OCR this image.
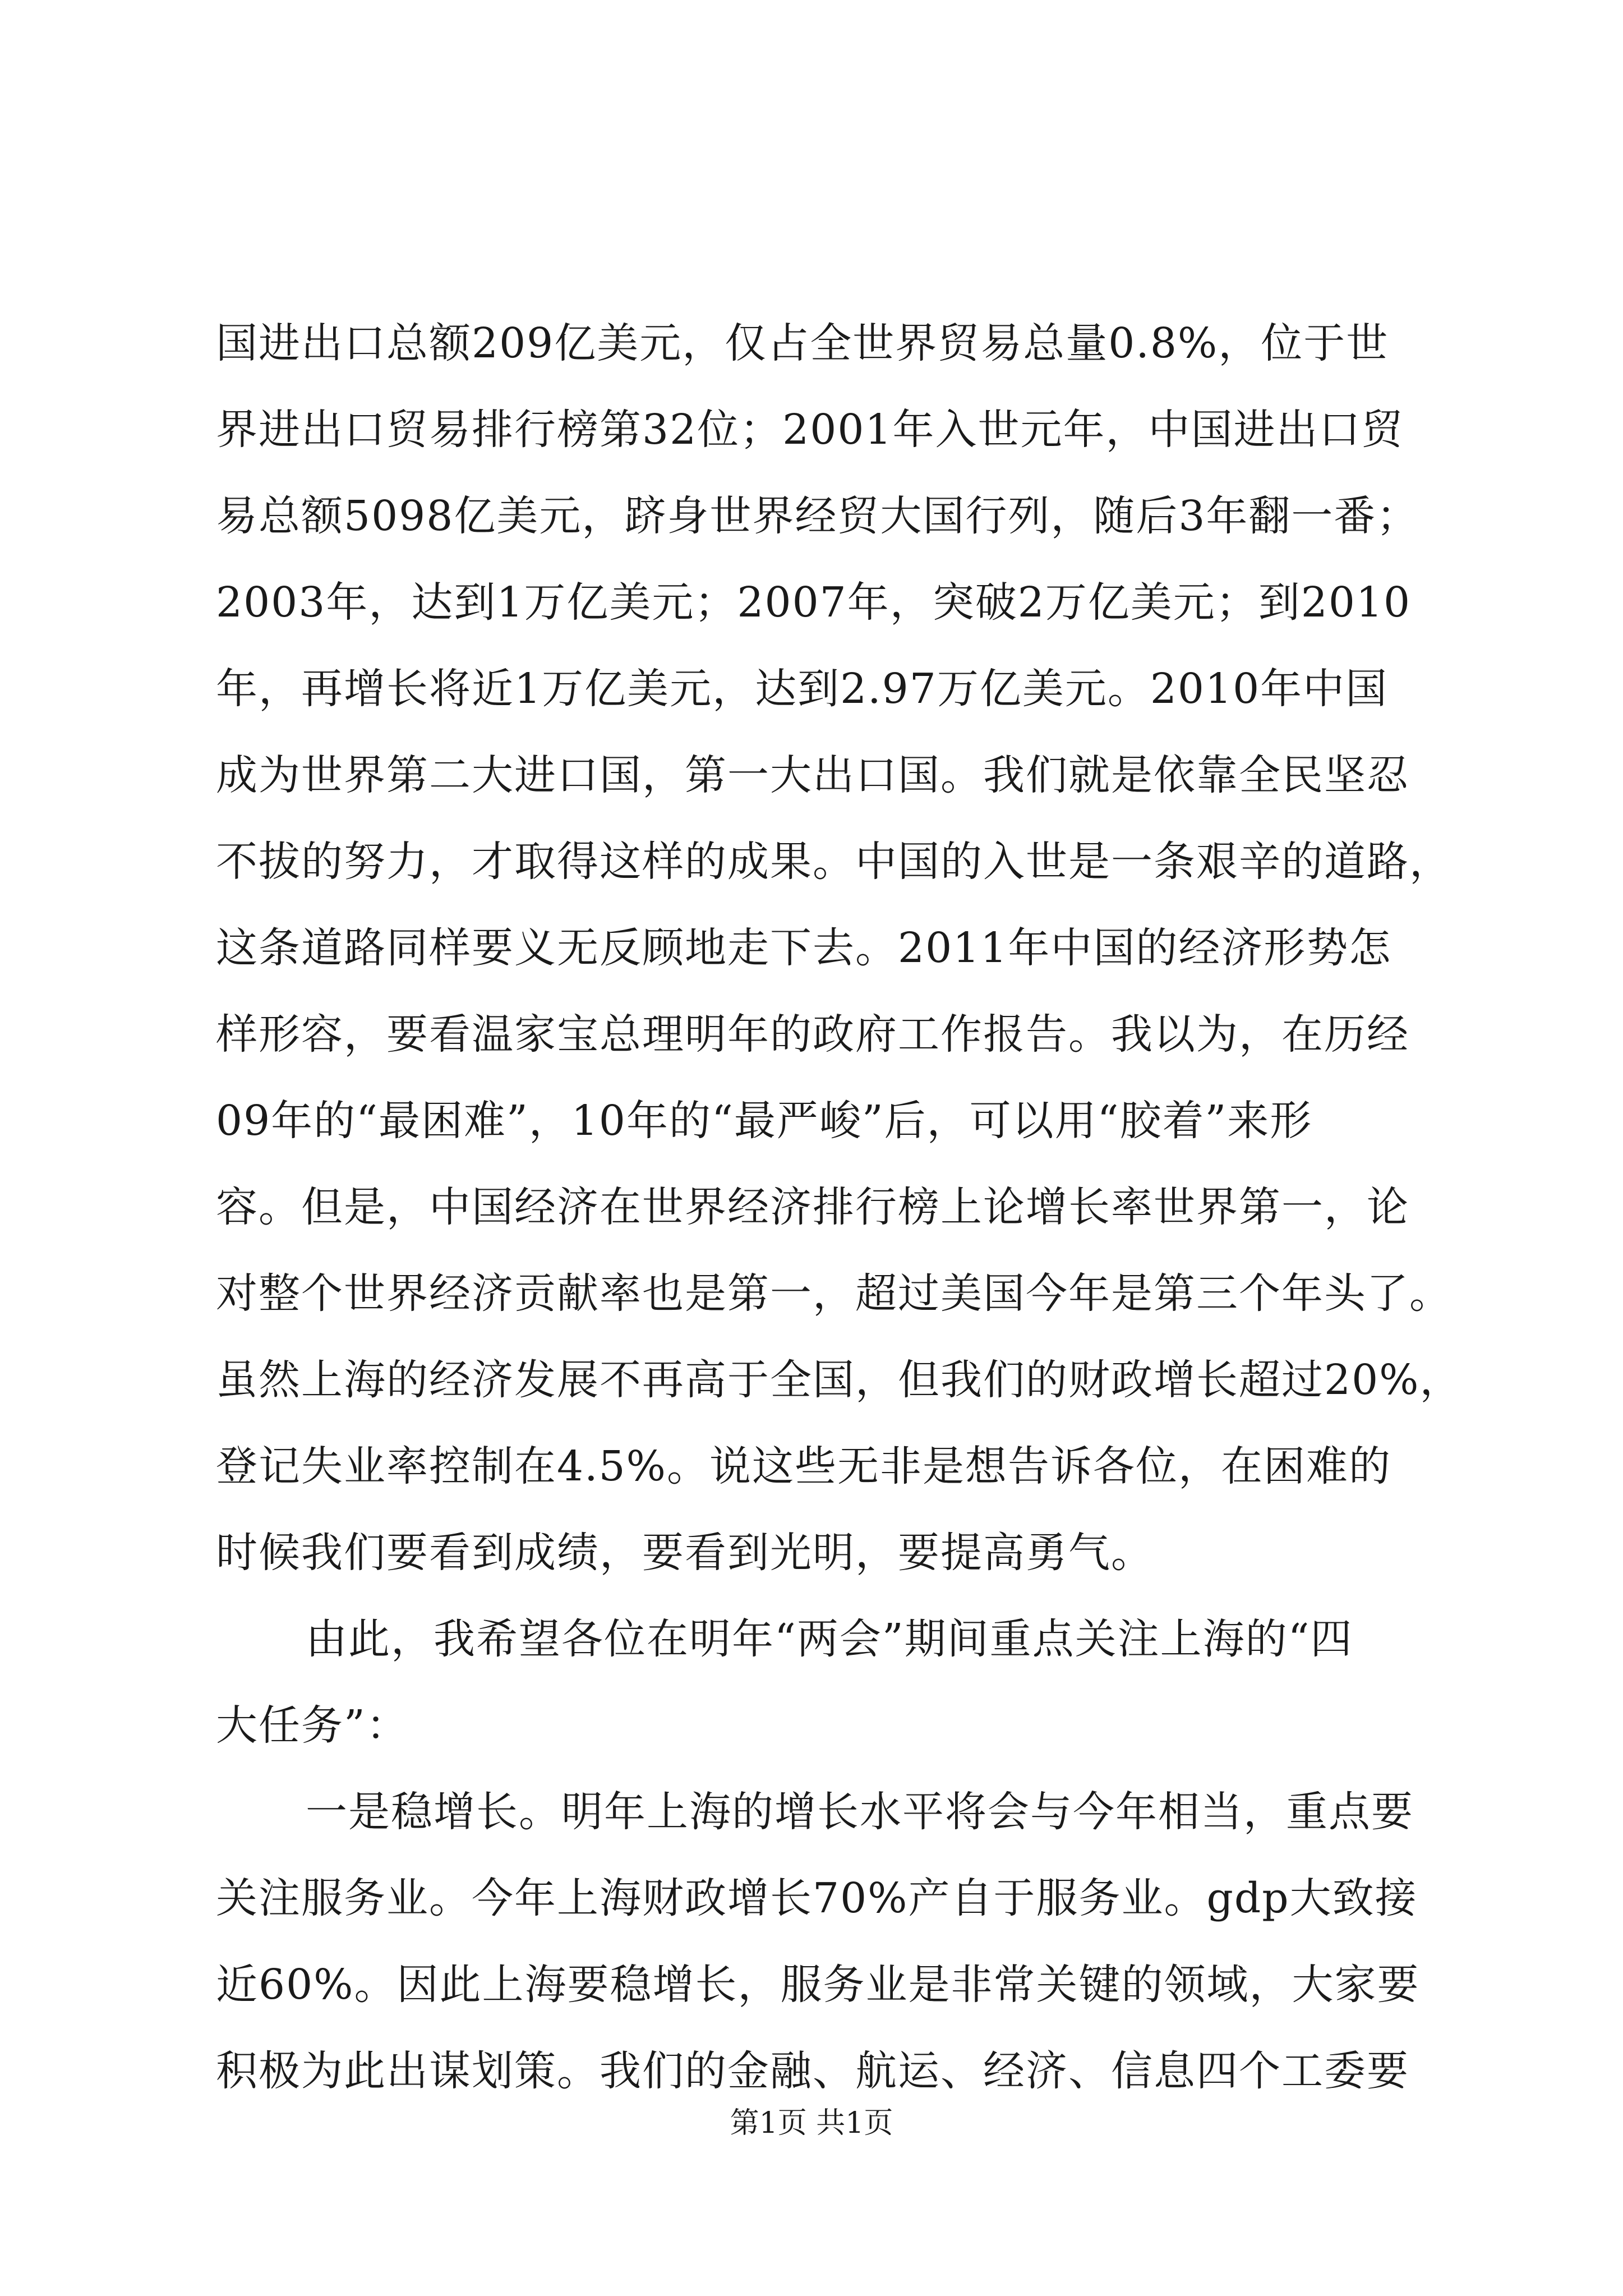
国进出口总额209亿美元，仅占全世界贸易总量0.8%，位于世
界进出口贸易排行榜第32位；2001年入世元年，中国进出口贸
易总额5098亿美元，跻身世界经贸大国行列，随后3年翻一番；
2003年，达到1万亿美元；2007年，突破2万亿美元；到2010
年，再增长将近1万亿美元，达到2.97万亿美元。2010年中国
成为世界第二大进口国，第一大出口国。我们就是依靠全民坚忍
不拔的努力，才取得这样的成果。中国的入世是一条艰辛的道路，
这条道路同样要义无反顾地走下去。2011年中国的经济形势怎
样形容，要看温家宝总理明年的政府工作报告。我以为，在历经
09年的“最困难”，10年的“最严峻”后，可以用“胶着”来形
容。但是，中国经济在世界经济排行榜上论增长率世界第一，论
对整个世界经济贡献率也是第一，超过美国今年是第三个年头了。
虽然上海的经济发展不再高于全国，但我们的财政增长超过20%，
登记失业率控制在4.5%。说这些无非是想告诉各位，在困难的
时候我们要看到成绩，要看到光明，要提高勇气。
由此，我希望各位在明年“两会”期间重点关注上海的“四
大任务”：
一是稳增长。明年上海的增长水平将会与今年相当，重点要
关注服务业。今年上海财政增长70%产自于服务业。gdp大致接
近60%。因此上海要稳增长，服务业是非常关键的领域，大家要
积极为此出谋划策。我们的金融、航运、经济、信息四个工委要
第1页 共1页
